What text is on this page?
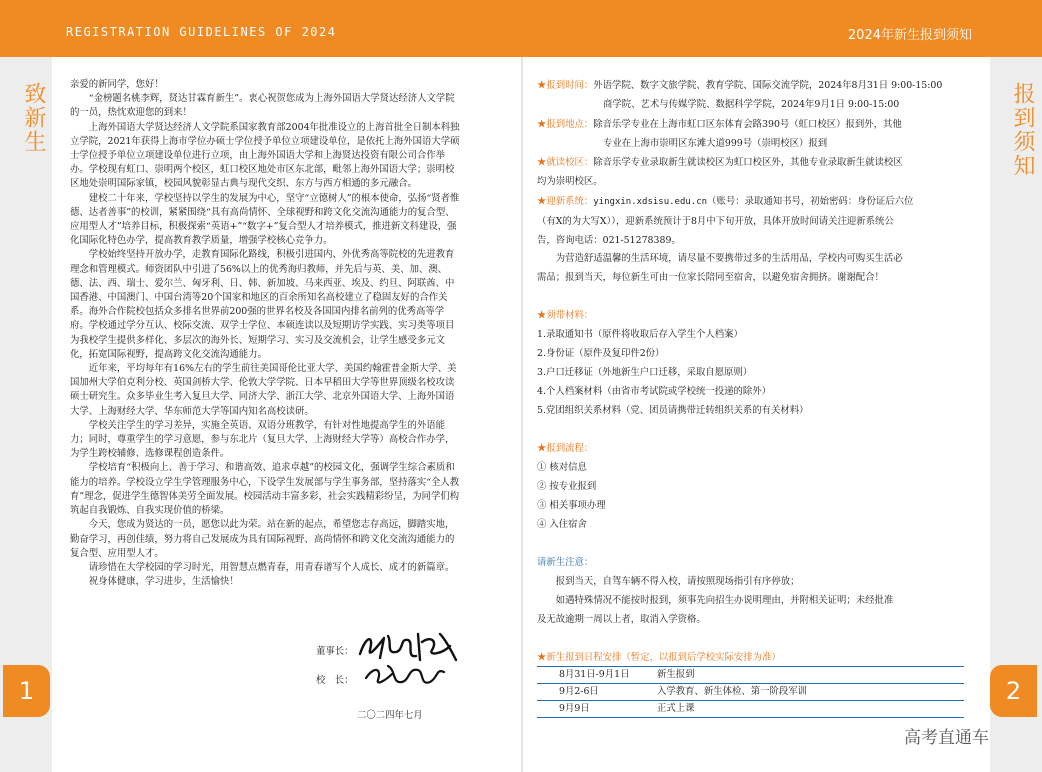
REGISTRATION GUIDELINES OF 2024	2024年新生报到须知
致新生	报到须知
1	2

亲爱的新同学，您好！

“金榜题名桃李辉，贤达甘霖育新生”。衷心祝贺您成为上海外国语大学贤达经济人文学院的一员，热忱欢迎您的到来！

上海外国语大学贤达经济人文学院系国家教育部2004年批准设立的上海首批全日制本科独立学院，2021年获得上海市学位办硕士学位授予单位立项建设单位，是依托上海外国语大学硕士学位授予单位立项建设单位进行立项，由上海外国语大学和上海贤达投资有限公司合作举办。学校现有虹口、崇明两个校区，虹口校区地处市区东北部，毗邻上海外国语大学；崇明校区地处崇明国际家镇，校园风貌彰显古典与现代交织、东方与西方相通的多元融合。

建校二十年来，学校坚持以学生的发展为中心，坚守“立德树人”的根本使命，弘扬“贤者惟德、达者善事”的校训，紧紧围绕“具有高尚情怀、全球视野和跨文化交流沟通能力的复合型、应用型人才”培养目标，积极探索“英语+”“数字+”复合型人才培养模式，推进新文科建设，强化国际化特色办学，提高教育教学质量，增强学校核心竞争力。

学校始终坚持开放办学，走教育国际化路线，积极引进国内、外优秀高等院校的先进教育理念和管理模式。师资团队中引进了56%以上的优秀海归教师，并先后与英、美、加、澳、德、法、西、瑞士、爱尔兰、匈牙利、日、韩、新加坡、马来西亚、埃及、约旦、阿联酋、中国香港、中国澳门、中国台湾等20个国家和地区的百余所知名高校建立了稳固友好的合作关系。海外合作院校包括众多排名世界前200强的世界名校及各国国内排名前列的优秀高等学府。学校通过学分互认、校际交流、双学士学位、本硕连读以及短期访学实践、实习类等项目为我校学生提供多样化、多层次的海外长、短期学习、实习及交流机会，让学生感受多元文化，拓宽国际视野，提高跨文化交流沟通能力。

近年来，平均每年有16%左右的学生前往美国哥伦比亚大学、美国约翰霍普金斯大学、美国加州大学伯克利分校、英国剑桥大学、伦敦大学学院、日本早稻田大学等世界顶级名校攻读硕士研究生。众多毕业生考入复旦大学、同济大学、浙江大学、北京外国语大学、上海外国语大学、上海财经大学、华东师范大学等国内知名高校读研。

学校关注学生的学习差异，实施全英语、双语分班教学，有针对性地提高学生的外语能力；同时，尊重学生的学习意愿，参与东北片（复旦大学、上海财经大学等）高校合作办学，为学生跨校辅修、选修课程创造条件。

学校培育“积极向上、善于学习、和谐高效、追求卓越”的校园文化，强调学生综合素质和能力的培养。学校设立学生学管理服务中心，下设学生发展部与学生事务部，坚持落实“全人教育”理念，促进学生德智体美劳全面发展。校园活动丰富多彩，社会实践精彩纷呈，为同学们构筑起自我锻炼、自我实现价值的桥梁。

今天，您成为贤达的一员，愿您以此为荣。站在新的起点，希望您志存高远，脚踏实地，勤奋学习，再创佳绩，努力将自己发展成为具有国际视野、高尚情怀和跨文化交流沟通能力的复合型、应用型人才。

请珍惜在大学校园的学习时光，用智慧点燃青春，用青春谱写个人成长、成才的新篇章。

祝身体健康，学习进步，生活愉快！

董事长：
校　长：
二〇二四年七月

★报到时间：外语学院、数字文旅学院、教育学院、国际交流学院，2024年8月31日 9:00-15:00

商学院、艺术与传媒学院、数据科学学院，2024年9月1日 9:00-15:00

★报到地点：除音乐学专业在上海市虹口区东体育会路390号（虹口校区）报到外，其他

专业在上海市崇明区东滩大道999号（崇明校区）报到

★就读校区：除音乐学专业录取新生就读校区为虹口校区外，其他专业录取新生就读校区

均为崇明校区。

★迎新系统：yingxin.xdsisu.edu.cn（账号：录取通知书号，初始密码：身份证后六位

（有X的为大写X）），迎新系统预计于8月中下旬开放，具体开放时间请关注迎新系统公

告，咨询电话：021-51278389。

为营造舒适温馨的生活环境，请尽量不要携带过多的生活用品，学校内可购买生活必

需品；报到当天，每位新生可由一位家长陪同至宿舍，以避免宿舍拥挤。谢谢配合！

★须带材料：

1.录取通知书（原件将收取后存入学生个人档案）

2.身份证（原件及复印件2份）

3.户口迁移证（外地新生户口迁移，采取自愿原则）

4.个人档案材料（由省市考试院或学校统一投递的除外）

5.党团组织关系材料（党、团员请携带迁转组织关系的有关材料）

★报到流程：

① 核对信息

② 按专业报到

③ 相关事项办理

④ 入住宿舍

请新生注意：

报到当天，自驾车辆不得入校，请按照现场指引有序停放；

如遇特殊情况不能按时报到，须事先向招生办说明理由，并附相关证明；未经批准

及无故逾期一周以上者，取消入学资格。

★新生报到日程安排（暂定，以报到后学校实际安排为准）
8月31日-9月1日	新生报到
9月2-6日	入学教育、新生体检、第一阶段军训
9月9日	正式上课
高考直通车
